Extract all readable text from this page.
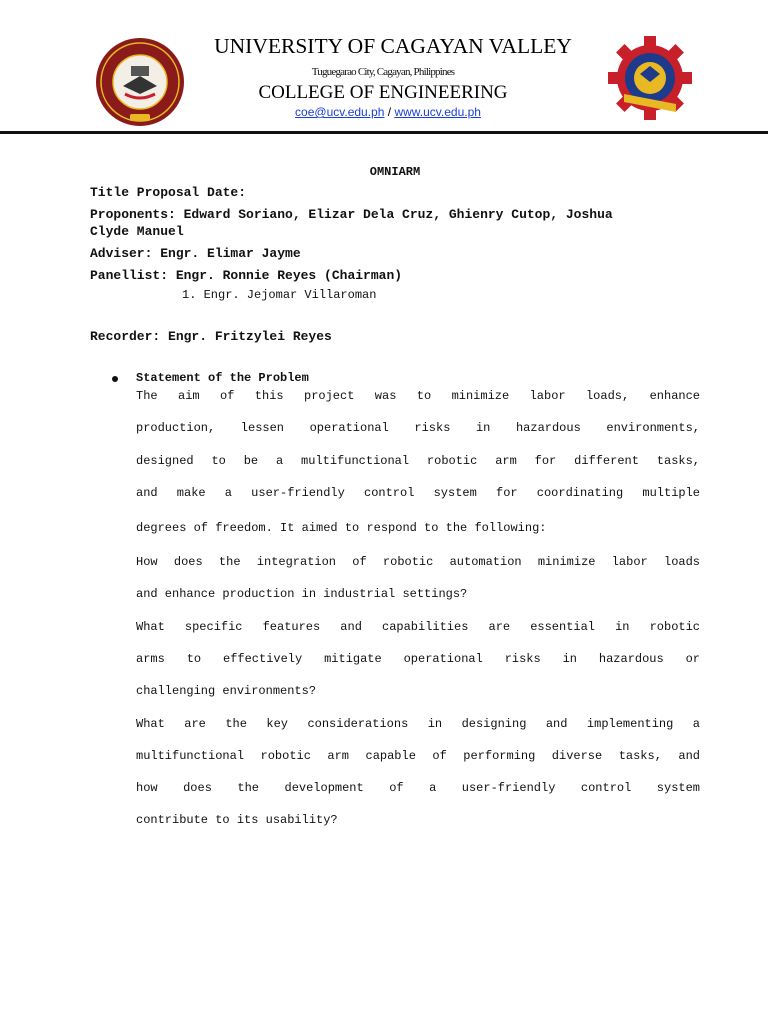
UNIVERSITY OF CAGAYAN VALLEY
Tuguegarao City, Cagayan, Philippines
COLLEGE OF ENGINEERING
coe@ucv.edu.ph / www.ucv.edu.ph
OMNIARM
Title Proposal Date:
Proponents: Edward Soriano, Elizar Dela Cruz, Ghienry Cutop, Joshua
Clyde Manuel
Adviser: Engr. Elimar Jayme
Panellist: Engr. Ronnie Reyes (Chairman)
1. Engr. Jejomar Villaroman
Recorder: Engr. Fritzylei Reyes
Statement of the Problem
The aim of this project was to minimize labor loads, enhance
production, lessen operational risks in hazardous environments,
designed to be a multifunctional robotic arm for different tasks,
and make a user-friendly control system for coordinating multiple
degrees of freedom. It aimed to respond to the following:
How does the integration of robotic automation minimize labor loads
and enhance production in industrial settings?
What specific features and capabilities are essential in robotic
arms to effectively mitigate operational risks in hazardous or
challenging environments?
What are the key considerations in designing and implementing a
multifunctional robotic arm capable of performing diverse tasks, and
how does the development of a user-friendly control system
contribute to its usability?
